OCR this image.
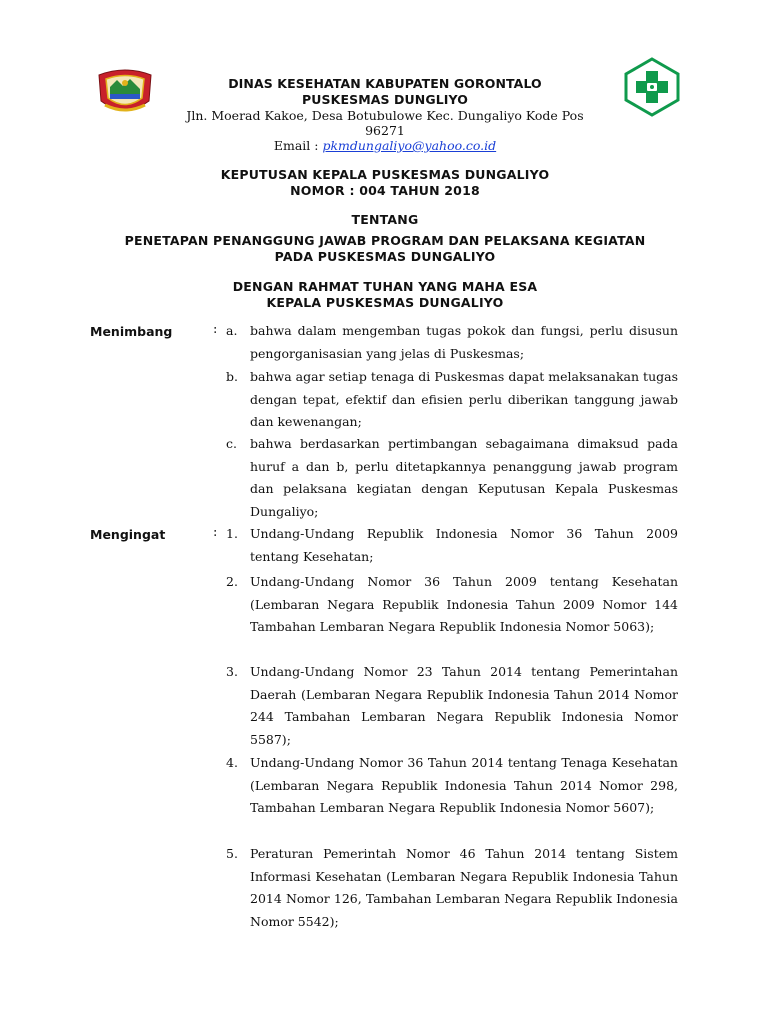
DINAS KESEHATAN KABUPATEN GORONTALO
PUSKESMAS DUNGLIYO
Jln. Moerad Kakoe, Desa Botubulowe Kec. Dungaliyo Kode Pos 96271
Email : pkmdungaliyo@yahoo.co.id
KEPUTUSAN KEPALA PUSKESMAS DUNGALIYO
NOMOR : 004 TAHUN 2018
TENTANG
PENETAPAN PENANGGUNG JAWAB PROGRAM DAN PELAKSANA KEGIATAN
PADA PUSKESMAS DUNGALIYO
DENGAN RAHMAT TUHAN YANG MAHA ESA
KEPALA PUSKESMAS DUNGALIYO
Menimbang	: a.	bahwa dalam mengemban tugas pokok dan fungsi, perlu disusun pengorganisasian yang jelas di Puskesmas;
b. bahwa agar setiap tenaga di Puskesmas dapat melaksanakan tugas dengan tepat, efektif dan efisien perlu diberikan tanggung jawab dan kewenangan;
c.	bahwa berdasarkan pertimbangan sebagaimana dimaksud pada huruf a dan b, perlu ditetapkannya penanggung jawab program dan pelaksana kegiatan dengan Keputusan Kepala Puskesmas Dungaliyo;
Mengingat	: 1. Undang-Undang Republik Indonesia Nomor 36 Tahun 2009 tentang Kesehatan;
2. Undang-Undang Nomor 36 Tahun 2009 tentang Kesehatan (Lembaran Negara Republik Indonesia Tahun 2009 Nomor 144 Tambahan Lembaran Negara Republik Indonesia Nomor 5063);
3. Undang-Undang Nomor 23 Tahun 2014 tentang Pemerintahan Daerah (Lembaran Negara Republik Indonesia Tahun 2014 Nomor 244 Tambahan Lembaran Negara Republik Indonesia Nomor 5587);
4. Undang-Undang Nomor 36 Tahun 2014 tentang Tenaga Kesehatan (Lembaran Negara Republik Indonesia Tahun 2014 Nomor 298, Tambahan Lembaran Negara Republik Indonesia Nomor 5607);
5. Peraturan Pemerintah Nomor 46 Tahun 2014 tentang Sistem Informasi Kesehatan (Lembaran Negara Republik Indonesia Tahun 2014 Nomor 126, Tambahan Lembaran Negara Republik Indonesia Nomor 5542);
